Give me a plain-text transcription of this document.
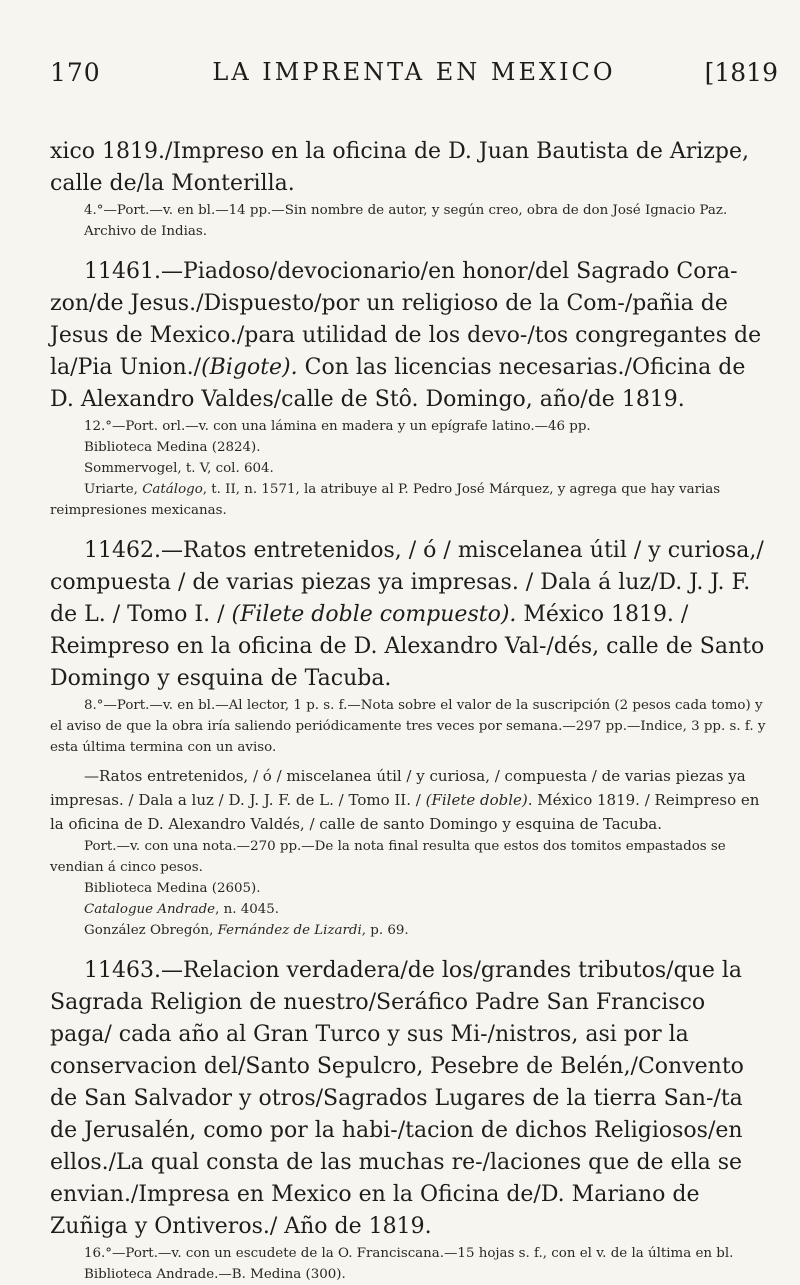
170	LA IMPRENTA EN MEXICO	[1819

xico 1819./Impreso en la oficina de D. Juan Bautista de Arizpe, calle de/la Monterilla.

4.°—Port.—v. en bl.—14 pp.—Sin nombre de autor, y según creo, obra de don José Ignacio Paz.

Archivo de Indias.

11461.—Piadoso/devocionario/en honor/del Sagrado Corazon/de Jesus./Dispuesto/por un religioso de la Com-/pañia de Jesus de Mexico./para utilidad de los devo-/tos congregantes de la/Pia Union./(Bigote). Con las licencias necesarias./Oficina de D. Alexandro Valdes/calle de Stô. Domingo, año/de 1819.

12.°—Port. orl.—v. con una lámina en madera y un epígrafe latino.—46 pp.

Biblioteca Medina (2824).

Sommervogel, t. V, col. 604.

Uriarte, Catálogo, t. II, n. 1571, la atribuye al P. Pedro José Márquez, y agrega que hay varias reimpresiones mexicanas.

11462.—Ratos entretenidos, / ó / miscelanea útil / y curiosa,/ compuesta / de varias piezas ya impresas. / Dala á luz/D. J. J. F. de L. / Tomo I. / (Filete doble compuesto). México 1819. / Reimpreso en la oficina de D. Alexandro Val-/dés, calle de Santo Domingo y esquina de Tacuba.

8.°—Port.—v. en bl.—Al lector, 1 p. s. f.—Nota sobre el valor de la suscripción (2 pesos cada tomo) y el aviso de que la obra iría saliendo periódicamente tres veces por semana.—297 pp.—Indice, 3 pp. s. f. y esta última termina con un aviso.

—Ratos entretenidos, / ó / miscelanea útil / y curiosa, / compuesta / de varias piezas ya impresas. / Dala a luz / D. J. J. F. de L. / Tomo II. / (Filete doble). México 1819. / Reimpreso en la oficina de D. Alexandro Valdés, / calle de santo Domingo y esquina de Tacuba.

Port.—v. con una nota.—270 pp.—De la nota final resulta que estos dos tomitos empastados se vendian á cinco pesos.

Biblioteca Medina (2605).

Catalogue Andrade, n. 4045.

González Obregón, Fernández de Lizardi, p. 69.

11463.—Relacion verdadera/de los/grandes tributos/que la Sagrada Religion de nuestro/Seráfico Padre San Francisco paga/ cada año al Gran Turco y sus Mi-/nistros, asi por la conservacion del/Santo Sepulcro, Pesebre de Belén,/Convento de San Salvador y otros/Sagrados Lugares de la tierra San-/ta de Jerusalén, como por la habi-/tacion de dichos Religiosos/en ellos./La qual consta de las muchas re-/laciones que de ella se envian./Impresa en Mexico en la Oficina de/D. Mariano de Zuñiga y Ontiveros./ Año de 1819.

16.°—Port.—v. con un escudete de la O. Franciscana.—15 hojas s. f., con el v. de la última en bl.

Biblioteca Andrade.—B. Medina (300).
